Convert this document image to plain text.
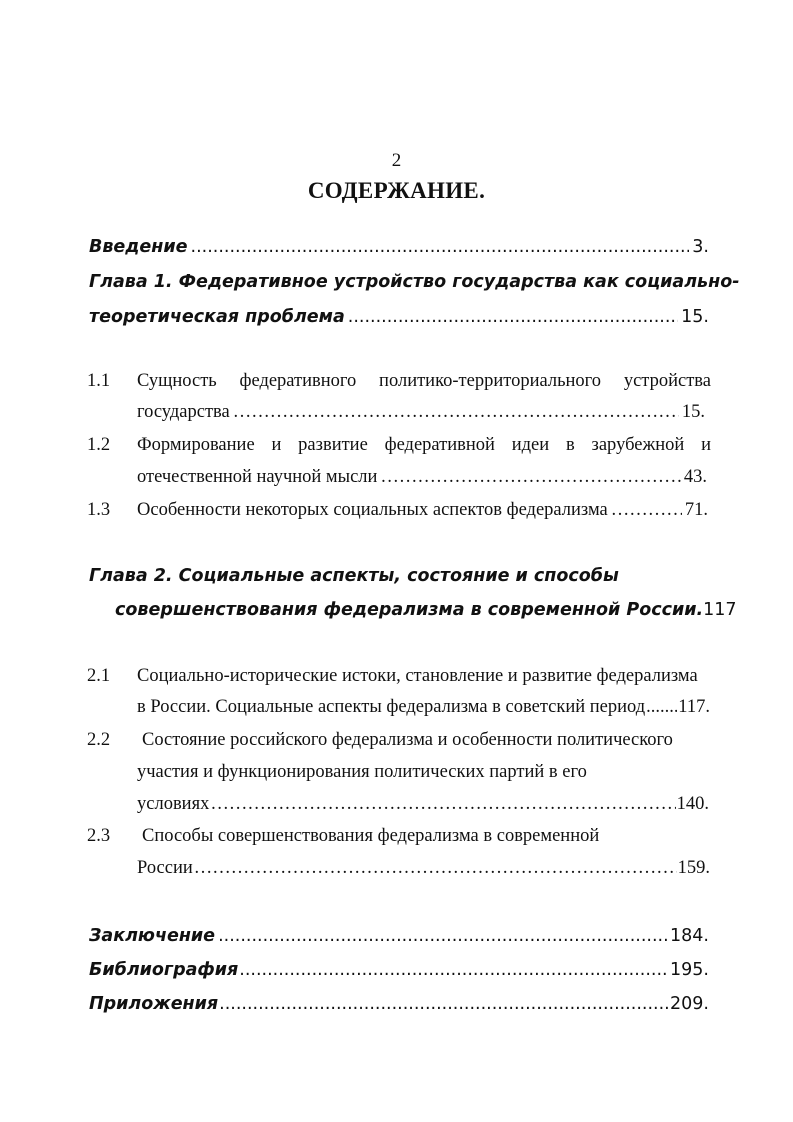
2
СОДЕРЖАНИЕ.
Введение .....	3.
Глава 1. Федеративное устройство государства как социально-
теоретическая проблема .....	15.
1.1 Сущность федеративного политико-территориального устройства
государства ………………………………………………………………………………………………………………………………………………………………………………………………	15.
1.2 Формирование и развитие федеративной идеи в зарубежной и
отечественной научной мысли ………………………………………………………………………………………………………………………………………………………………………………………………	43.
1.3 Особенности некоторых социальных аспектов федерализма ………………………………………………………………………………………………………………………………………………………………………………………………	71.
Глава 2. Социальные аспекты, состояние и способы
совершенствования федерализма в современной России.117
2.1 Социально-исторические истоки, становление и развитие федерализма
в России. Социальные аспекты федерализма в советский период ..... 117.
2.2 Состояние российского федерализма и особенности политического
участия и функционирования политических партий в его
условиях ………………………………………………………………………………………………………………………………………………………………………………………………	140.
2.3 Способы совершенствования федерализма в современной
России ………………………………………………………………………………………………………………………………………………………………………………………………	159.
Заключение .....	184.
Библиография .....	195.
Приложения .....	209.
